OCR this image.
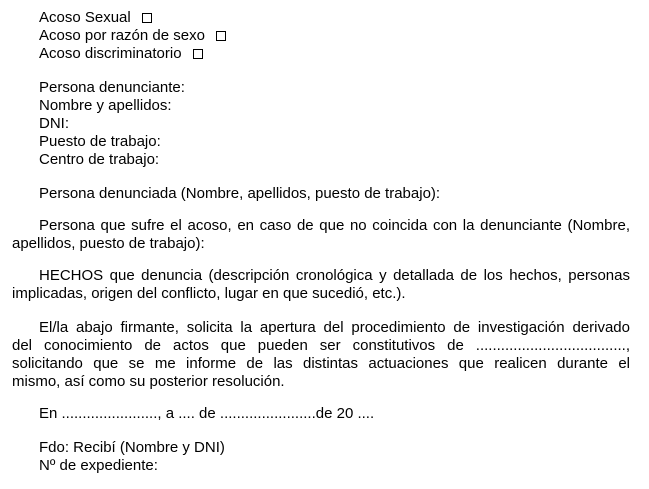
Acoso Sexual
Acoso por razón de sexo
Acoso discriminatorio
Persona denunciante:
Nombre y apellidos:
DNI:
Puesto de trabajo:
Centro de trabajo:
Persona denunciada (Nombre, apellidos, puesto de trabajo):
Persona que sufre el acoso, en caso de que no coincida con la denunciante (Nombre, apellidos, puesto de trabajo):
HECHOS que denuncia (descripción cronológica y detallada de los hechos, personas implicadas, origen del conflicto, lugar en que sucedió, etc.).
El/la abajo firmante, solicita la apertura del procedimiento de investigación derivado
del conocimiento de actos que pueden ser constitutivos de ....................................,
solicitando que se me informe de las distintas actuaciones que realicen durante el
mismo, así como su posterior resolución.
En ......................., a .... de .......................de 20 ....
Fdo: Recibí (Nombre y DNI)
Nº de expediente:
